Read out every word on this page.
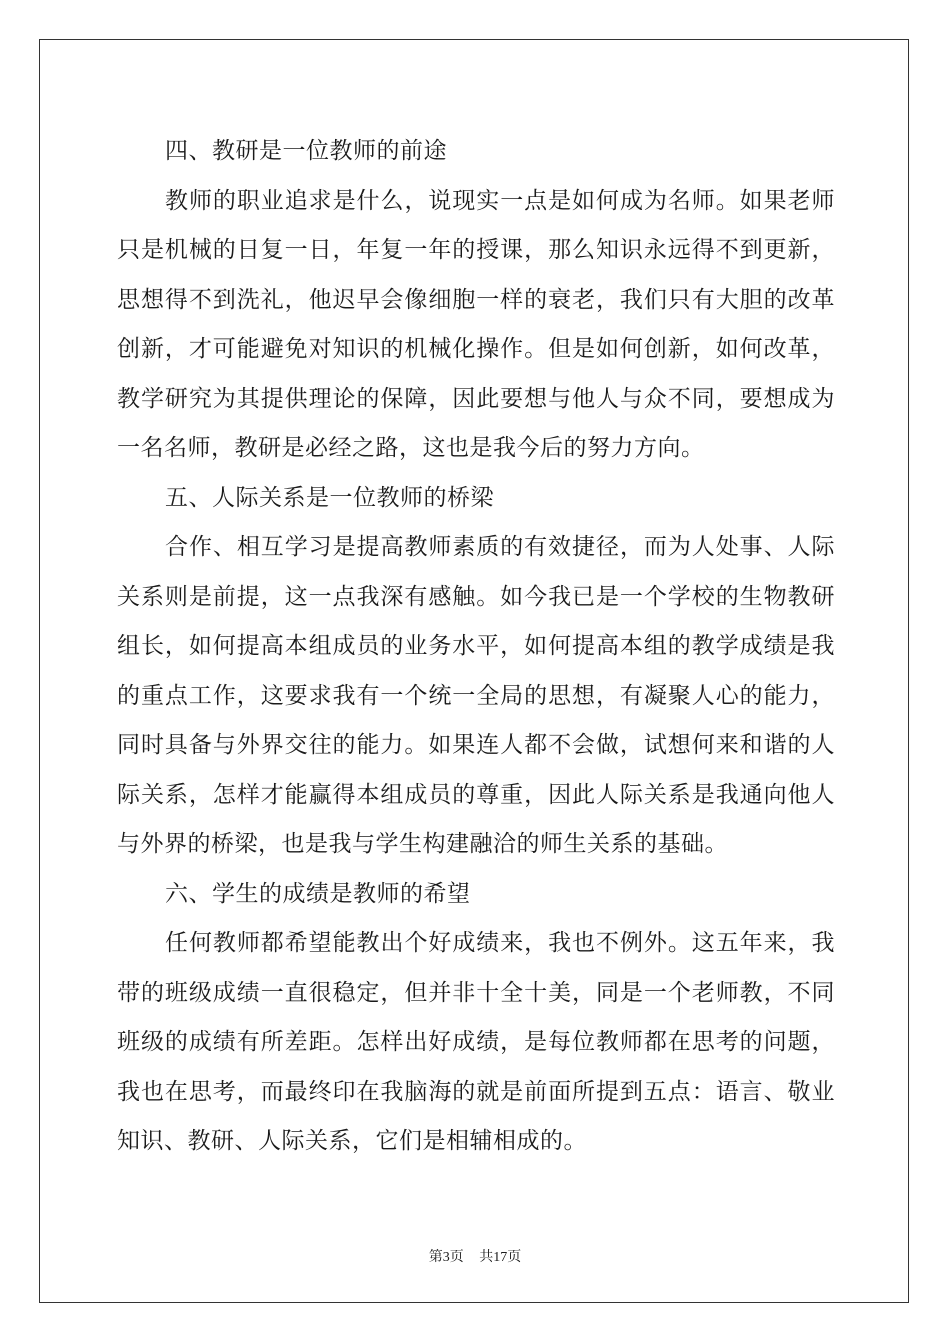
四、教研是一位教师的前途
教师的职业追求是什么，说现实一点是如何成为名师。如果老师
只是机械的日复一日，年复一年的授课，那么知识永远得不到更新，
思想得不到洗礼，他迟早会像细胞一样的衰老，我们只有大胆的改革
创新，才可能避免对知识的机械化操作。但是如何创新，如何改革，
教学研究为其提供理论的保障，因此要想与他人与众不同，要想成为
一名名师，教研是必经之路，这也是我今后的努力方向。
五、人际关系是一位教师的桥梁
合作、相互学习是提高教师素质的有效捷径，而为人处事、人际
关系则是前提，这一点我深有感触。如今我已是一个学校的生物教研
组长，如何提高本组成员的业务水平，如何提高本组的教学成绩是我
的重点工作，这要求我有一个统一全局的思想，有凝聚人心的能力，
同时具备与外界交往的能力。如果连人都不会做，试想何来和谐的人
际关系，怎样才能赢得本组成员的尊重，因此人际关系是我通向他人
与外界的桥梁，也是我与学生构建融洽的师生关系的基础。
六、学生的成绩是教师的希望
任何教师都希望能教出个好成绩来，我也不例外。这五年来，我
带的班级成绩一直很稳定，但并非十全十美，同是一个老师教，不同
班级的成绩有所差距。怎样出好成绩，是每位教师都在思考的问题，
我也在思考，而最终印在我脑海的就是前面所提到五点：语言、敬业
知识、教研、人际关系，它们是相辅相成的。
第3页 共17页
